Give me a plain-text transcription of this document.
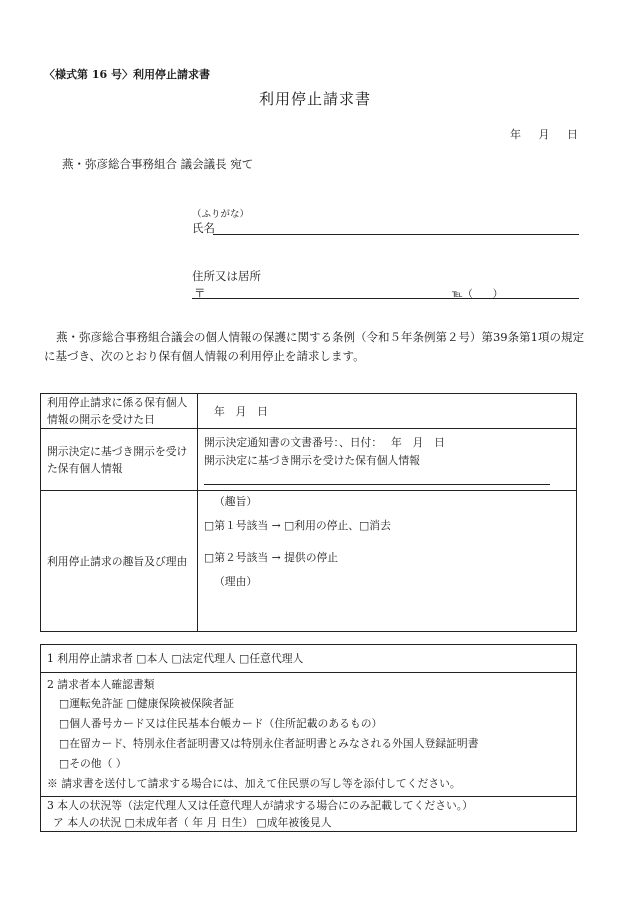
〈様式第 16 号〉利用停止請求書
利用停止請求書
年 月 日
燕・弥彦総合事務組合 議会議長 宛て
（ふりがな）
氏名
住所又は居所
〒	℡（　　）
燕・弥彦総合事務組合議会の個人情報の保護に関する条例（令和５年条例第２号）第39条第1項の規定に基づき、次のとおり保有個人情報の利用停止を請求します。
利用停止請求に係る保有個人情報の開示を受けた日	年　月　日
開示決定に基づき開示を受けた保有個人情報	開示決定通知書の文書番号：、日付：　 年　月　日
開示決定に基づき開示を受けた保有個人情報

利用停止請求の趣旨及び理由	（趣旨）
□第１号該当 → □利用の停止、□消去
□第２号該当 → 提供の停止
（理由）
1 利用停止請求者 □本人 □法定代理人 □任意代理人
2 請求者本人確認書類
□運転免許証 □健康保険被保険者証
□個人番号カード又は住民基本台帳カード（住所記載のあるもの）
□在留カード、特別永住者証明書又は特別永住者証明書とみなされる外国人登録証明書
□その他（ ）
※ 請求書を送付して請求する場合には、加えて住民票の写し等を添付してください。
3 本人の状況等（法定代理人又は任意代理人が請求する場合にのみ記載してください。）
ア 本人の状況 □未成年者（ 年 月 日生） □成年被後見人
